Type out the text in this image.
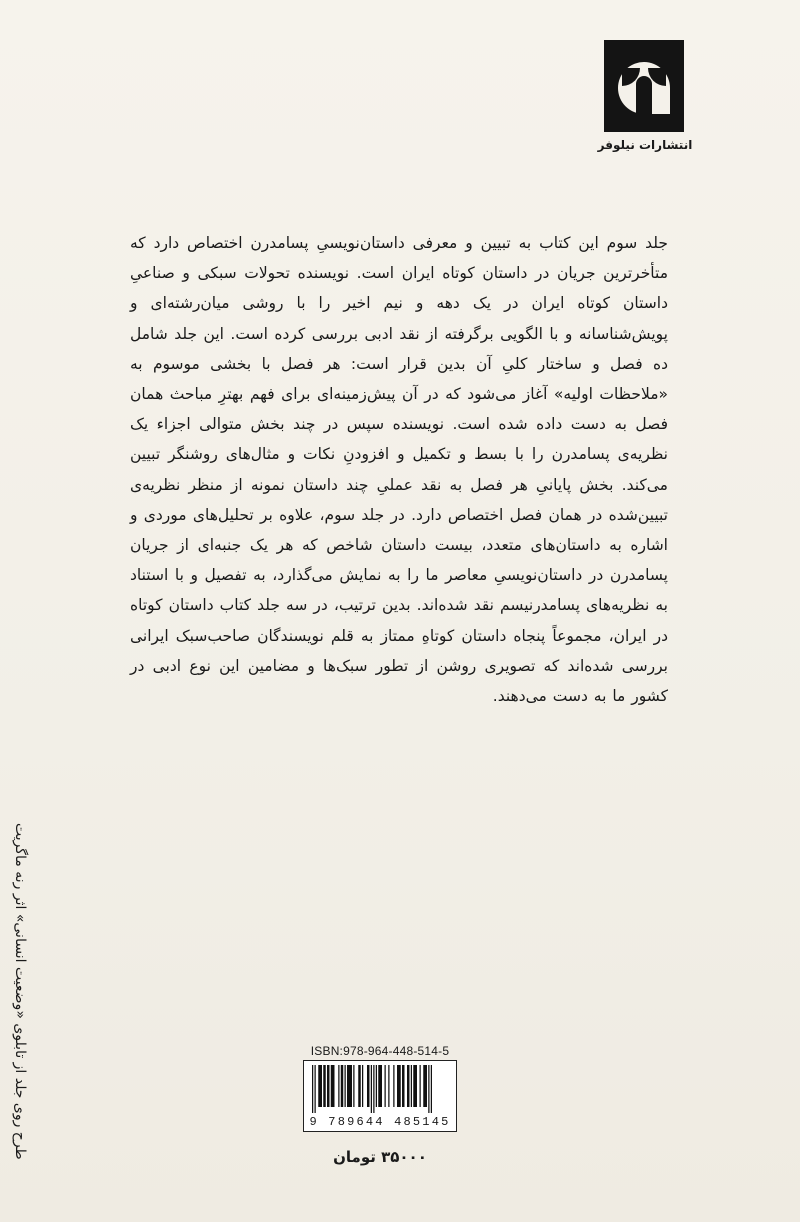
انتشارات نیلوفر
جلد سوم این کتاب به تبیین و معرفی داستان‌نویسیِ پسامدرن اختصاص دارد که متأخرترین جریان در داستان کوتاه ایران است. نویسنده تحولات سبکی و صناعیِ داستان کوتاه ایران در یک دهه و نیم اخیر را با روشی میان‌رشته‌ای و پویش‌شناسانه و با الگویی برگرفته از نقد ادبی بررسی کرده است. این جلد شامل ده فصل و ساختار کلیِ آن بدین قرار است: هر فصل با بخشی موسوم به «ملاحظات اولیه» آغاز می‌شود که در آن پیش‌زمینه‌ای برای فهم بهترِ مباحث همان فصل به دست داده شده است. نویسنده سپس در چند بخش متوالی اجزاء یک نظریه‌ی پسامدرن را با بسط و تکمیل و افزودنِ نکات و مثال‌های روشنگر تبیین می‌کند. بخش پایانیِ هر فصل به نقد عملیِ چند داستان نمونه از منظر نظریه‌ی تبیین‌شده در همان فصل اختصاص دارد. در جلد سوم، علاوه بر تحلیل‌های موردی و اشاره به داستان‌های متعدد، بیست داستان شاخص که هر یک جنبه‌ای از جریان پسامدرن در داستان‌نویسیِ معاصر ما را به نمایش می‌گذارد، به تفصیل و با استناد به نظریه‌های پسامدرنیسم نقد شده‌اند. بدین ترتیب، در سه جلد کتاب داستان کوتاه در ایران، مجموعاً پنجاه داستان کوتاهِ ممتاز به قلم نویسندگان صاحب‌سبک ایرانی بررسی شده‌اند که تصویری روشن از تطور سبک‌ها و مضامین این نوع ادبی در کشور ما به دست می‌دهند.
طرح روی جلد از تابلوی «وضعیت انسانی» اثر رنه ماگریت	ISBN:978-964-448-514-5
9 789644 485145
۳۵۰۰۰ تومان
